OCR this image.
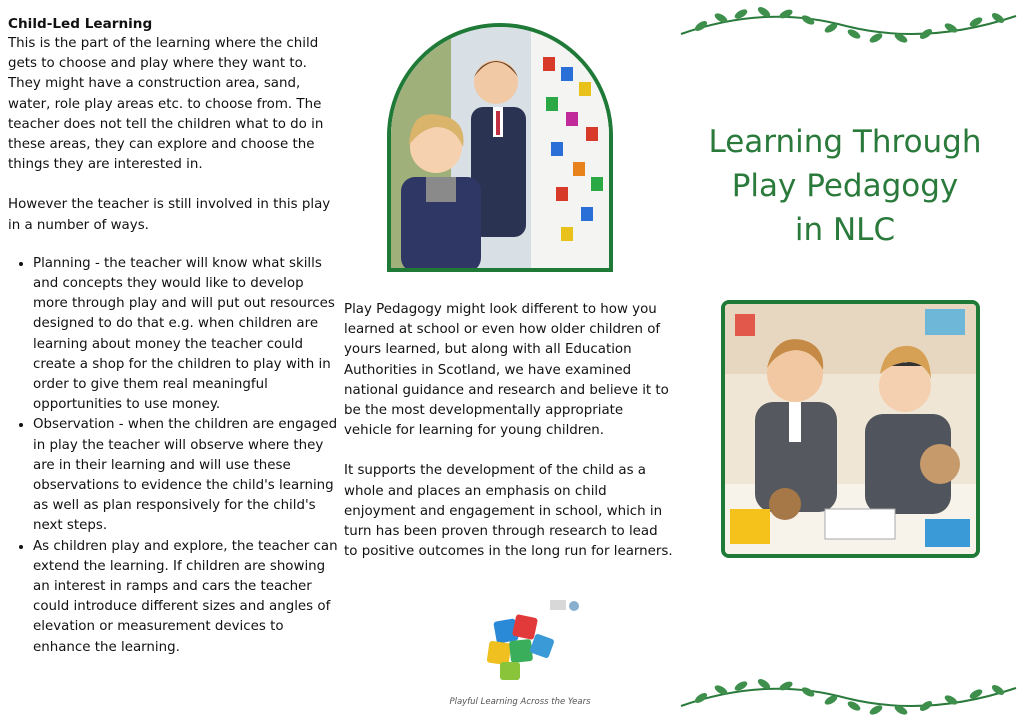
Child-Led Learning

This is the part of the learning where the child gets to choose and play where they want to. They might have a construction area, sand, water, role play areas etc. to choose from. The teacher does not tell the children what to do in these areas, they can explore and choose the things they are interested in.

However the teacher is still involved in this play in a number of ways.

• Planning - the teacher will know what skills and concepts they would like to develop more through play and will put out resources designed to do that e.g. when children are learning about money the teacher could create a shop for the children to play with in order to give them real meaningful opportunities to use money.
• Observation - when the children are engaged in play the teacher will observe where they are in their learning and will use these observations to evidence the child's learning as well as plan responsively for the child's next steps.
• As children play and explore, the teacher can extend the learning. If children are showing an interest in ramps and cars the teacher could introduce different sizes and angles of elevation or measurement devices to enhance the learning.

Play Pedagogy might look different to how you learned at school or even how older children of yours learned, but along with all Education Authorities in Scotland, we have examined national guidance and research and believe it to be the most developmentally appropriate vehicle for learning for young children.

It supports the development of the child as a whole and places an emphasis on child enjoyment and engagement in school, which in turn has been proven through research to lead to positive outcomes in the long run for learners.

Playful Learning Across the Years
Learning Through
Play Pedagogy
in NLC
